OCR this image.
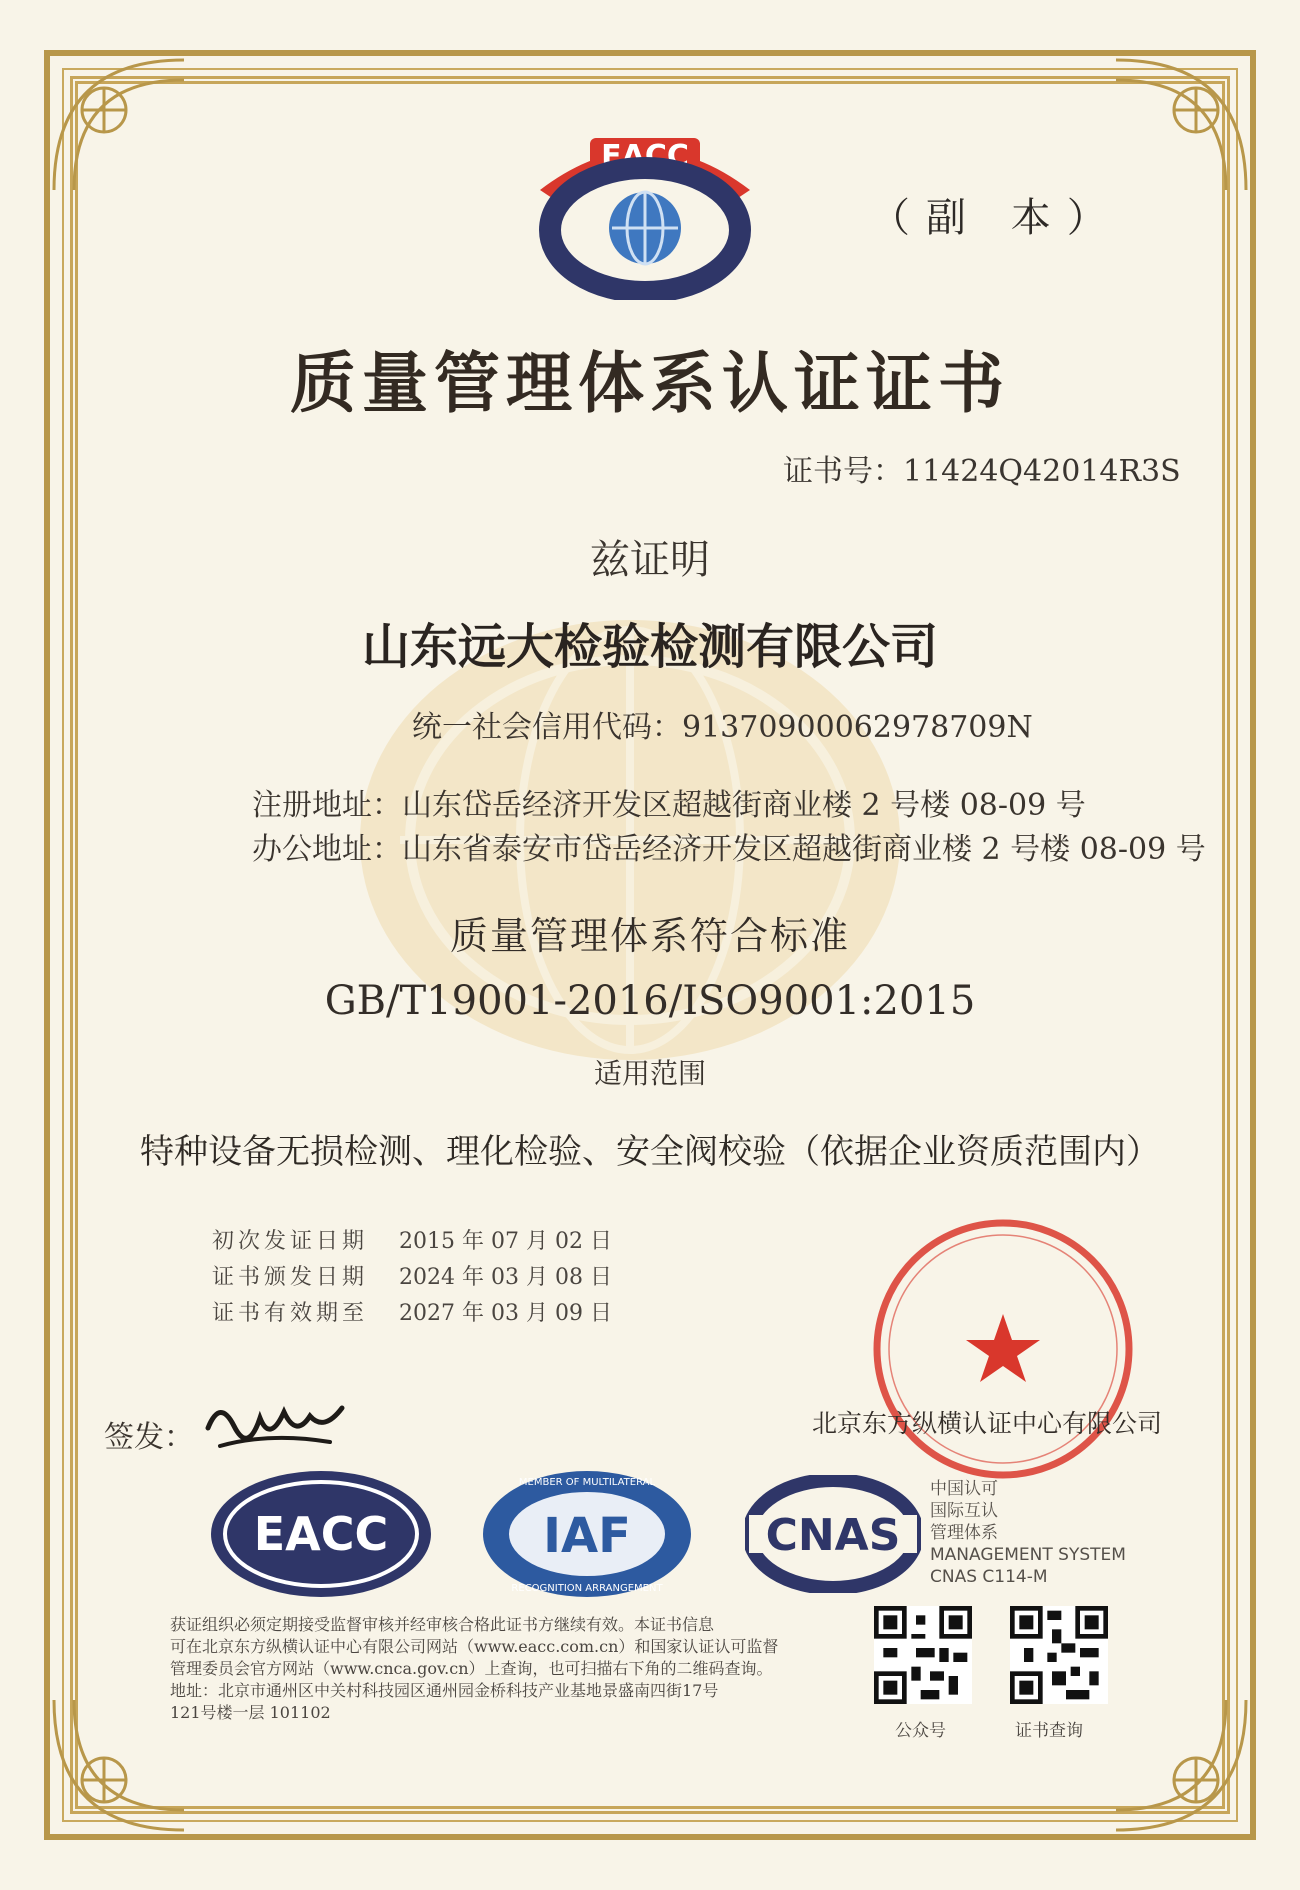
EACC
（副 本）
质量管理体系认证证书
证书号：11424Q42014R3S
兹证明
山东远大检验检测有限公司
统一社会信用代码：91370900062978709N
注册地址：山东岱岳经济开发区超越街商业楼 2 号楼 08-09 号
办公地址：山东省泰安市岱岳经济开发区超越街商业楼 2 号楼 08-09 号
质量管理体系符合标准
GB/T19001-2016/ISO9001:2015
适用范围
特种设备无损检测、理化检验、安全阀校验（依据企业资质范围内）
初次发证日期 2015 年 07 月 02 日
证书颁发日期 2024 年 03 月 08 日
证书有效期至 2027 年 03 月 09 日
签发：	北京东方纵横认证中心有限公司
EACC	IAF
MEMBER OF MULTILATERAL
RECOGNITION ARRANGEMENT
CNAS
中国认可
国际互认
管理体系
MANAGEMENT SYSTEM
CNAS C114-M
获证组织必须定期接受监督审核并经审核合格此证书方继续有效。本证书信息
可在北京东方纵横认证中心有限公司网站（www.eacc.com.cn）和国家认证认可监督
管理委员会官方网站（www.cnca.gov.cn）上查询，也可扫描右下角的二维码查询。
地址：北京市通州区中关村科技园区通州园金桥科技产业基地景盛南四街17号
121号楼一层 101102
公众号	证书查询
